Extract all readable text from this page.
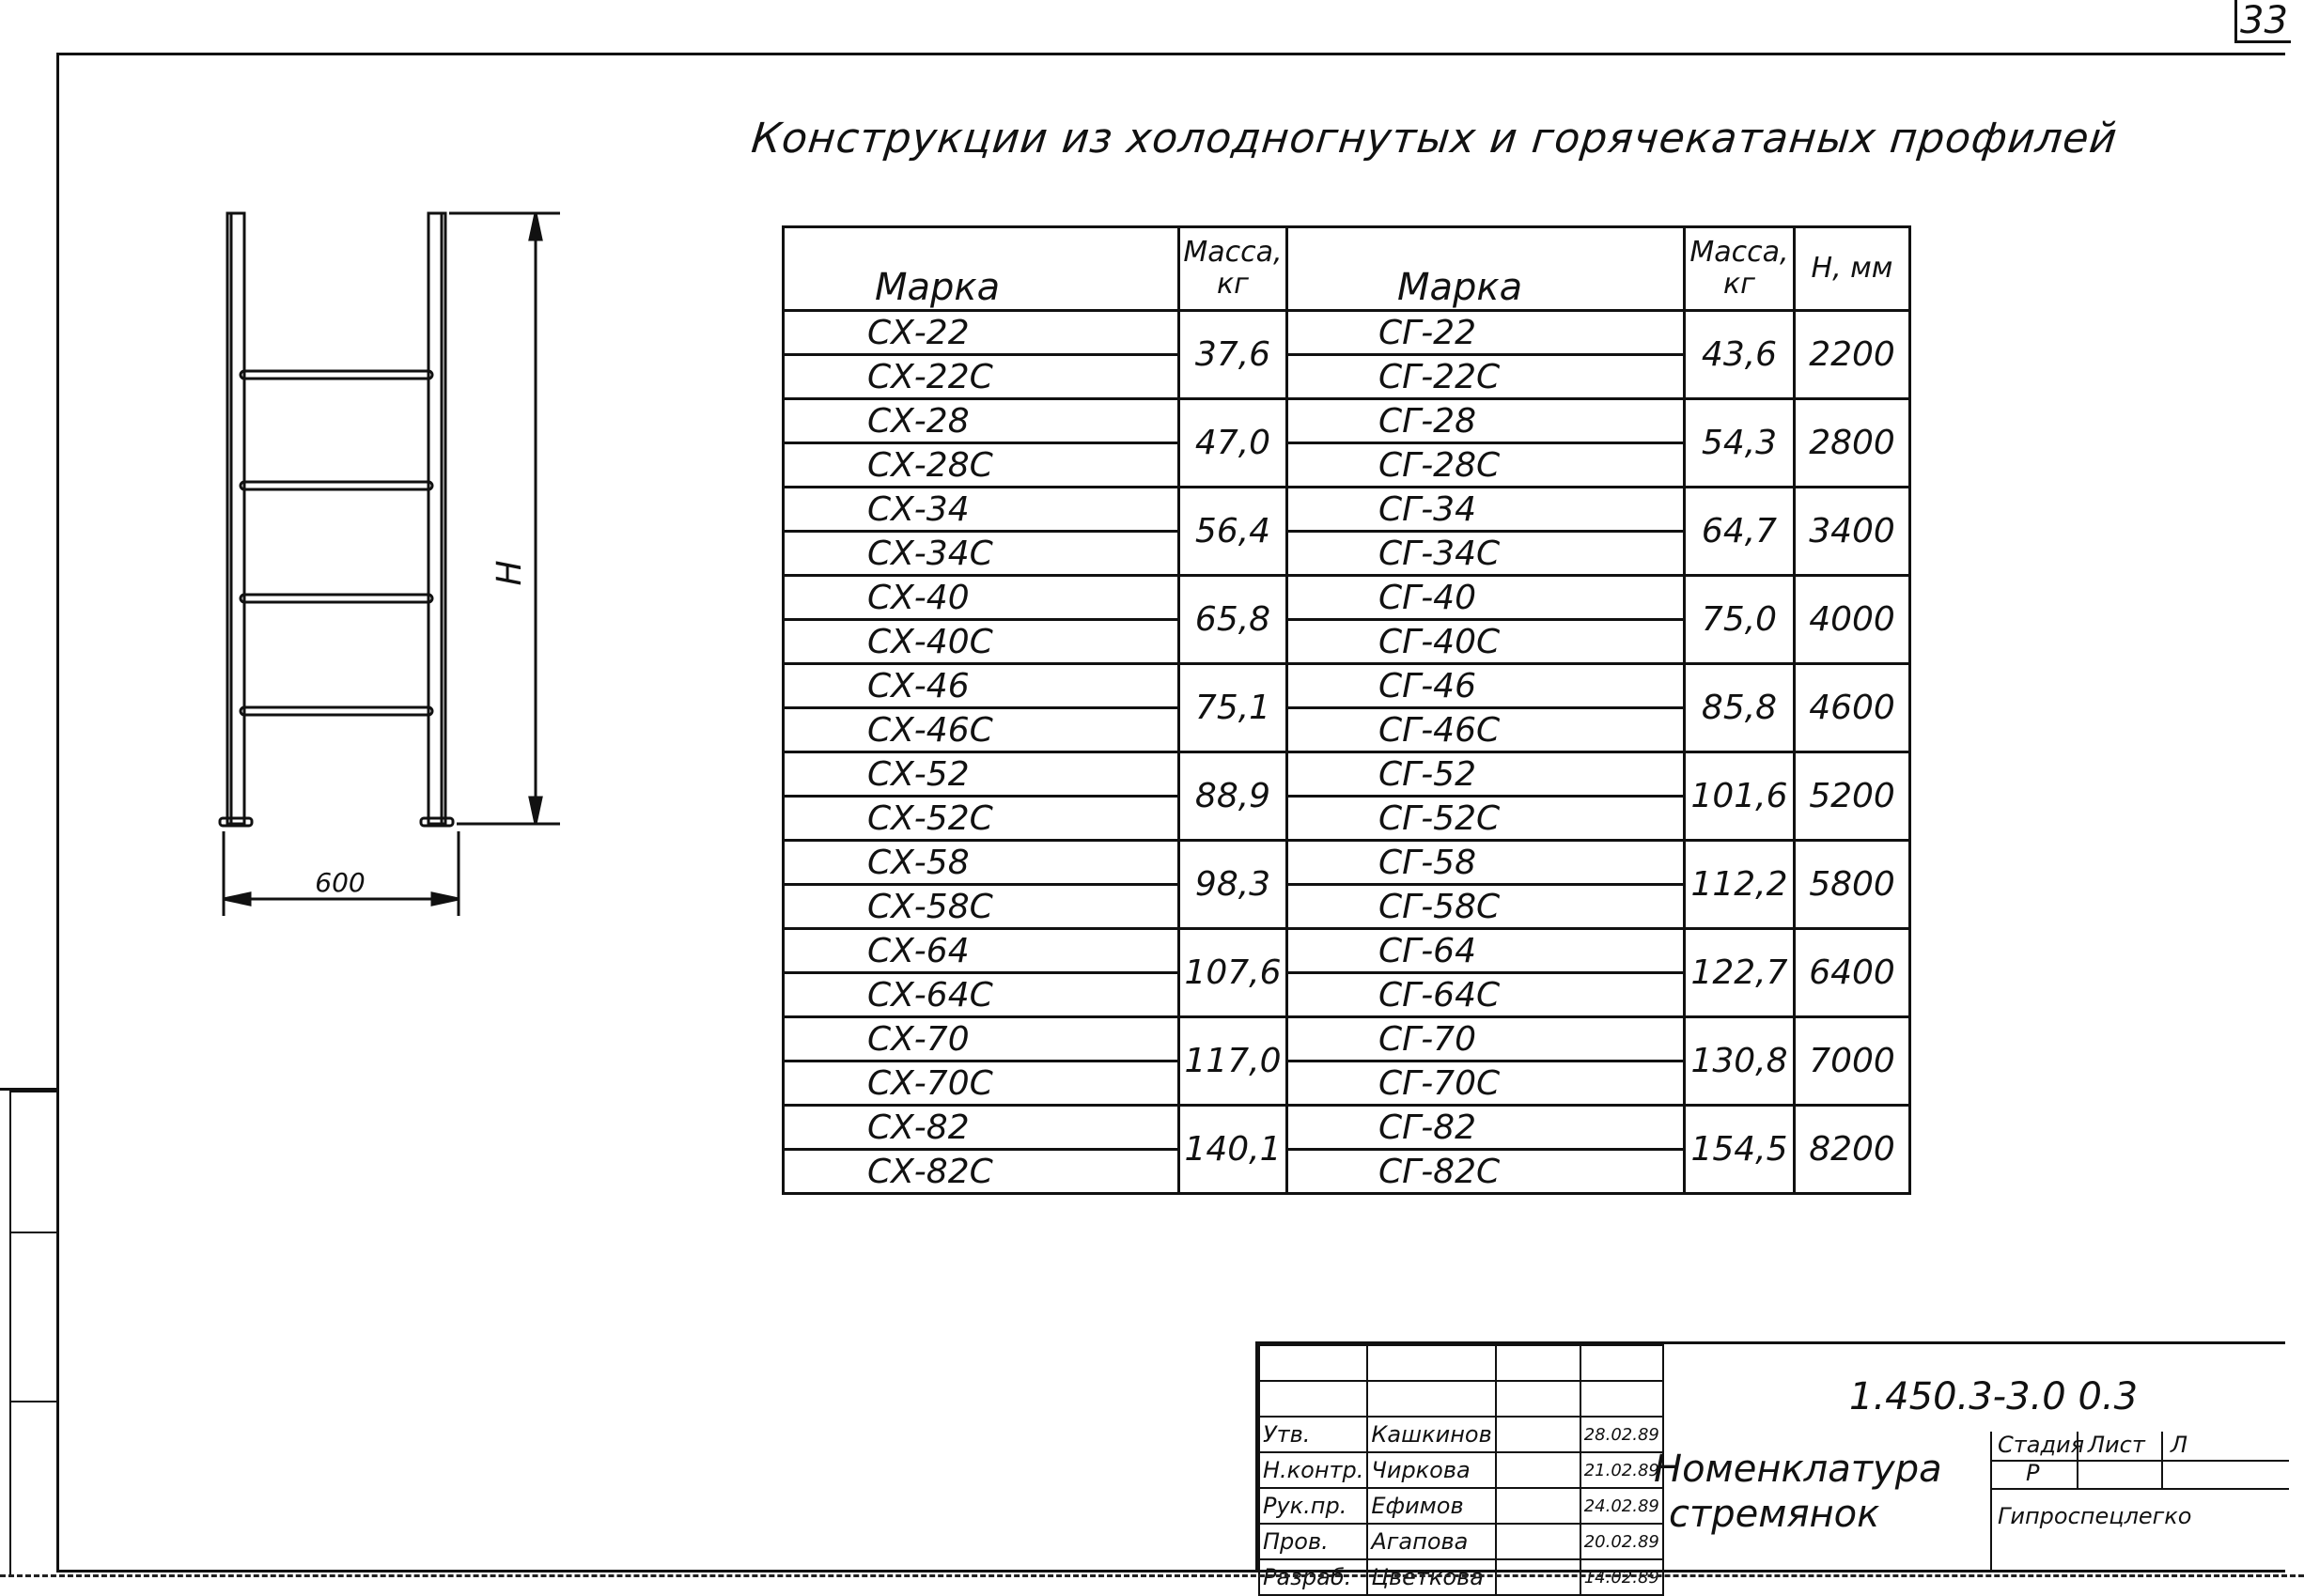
33
Конструкции из холодногнутых и горячекатаных профилей
Н
600
Марка	Масса, кг	Марка	Масса, кг	Н, мм
СХ-22	37,6	СГ-22	43,6	2200
СХ-22С		СГ-22С		
СХ-28	47,0	СГ-28	54,3	2800
СХ-28С		СГ-28С		
СХ-34	56,4	СГ-34	64,7	3400
СХ-34С		СГ-34С		
СХ-40	65,8	СГ-40	75,0	4000
СХ-40С		СГ-40С		
СХ-46	75,1	СГ-46	85,8	4600
СХ-46С		СГ-46С		
СХ-52	88,9	СГ-52	101,6	5200
СХ-52С		СГ-52С		
СХ-58	98,3	СГ-58	112,2	5800
СХ-58С		СГ-58С		
СХ-64	107,6	СГ-64	122,7	6400
СХ-64С		СГ-64С		
СХ-70	117,0	СГ-70	130,8	7000
СХ-70С		СГ-70С		
СХ-82	140,1	СГ-82	154,5	8200
СХ-82С		СГ-82С		

Утв.	Кашкинов		28.02.89
Н.контр.	Чиркова		21.02.89
Рук.пр.	Ефимов		24.02.89
Пров.	Агапова		20.02.89
Разраб.	Цветкова		14.02.89
1.450.3-3.0 0.3
Номенклатура
стремянок
Стадия Лист Л
Р
Гипроспецлегко
